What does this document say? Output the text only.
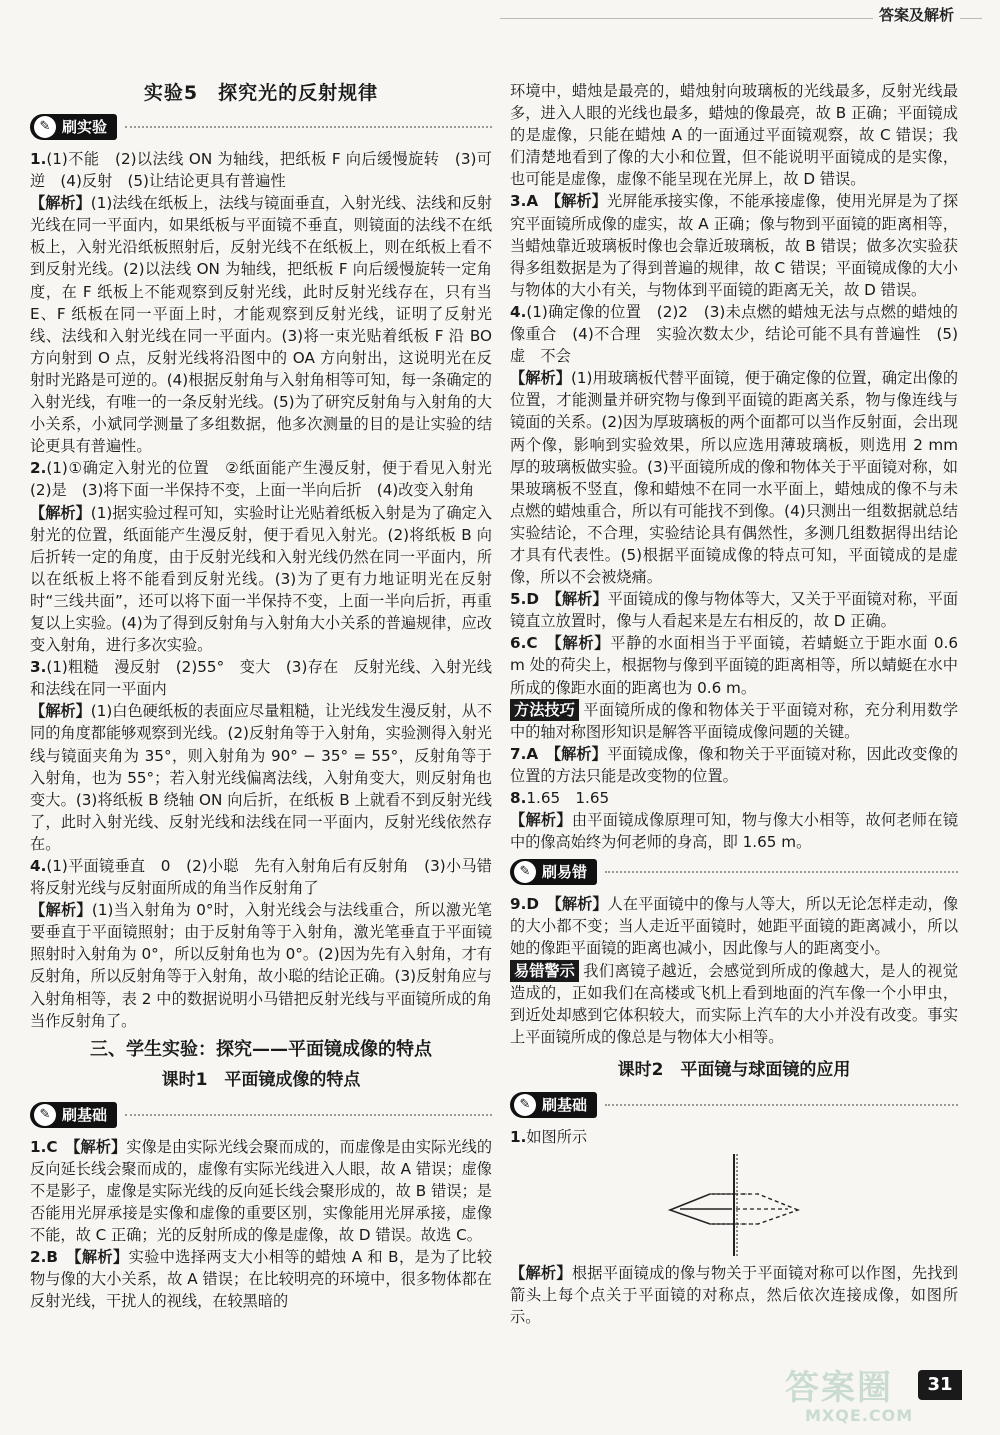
答案及解析
实验5　探究光的反射规律
✎ 刷实验

1.(1)不能　(2)以法线 ON 为轴线，把纸板 F 向后缓慢旋转　(3)可逆　(4)反射　(5)让结论更具有普遍性

【解析】(1)法线在纸板上，法线与镜面垂直，入射光线、法线和反射光线在同一平面内，如果纸板与平面镜不垂直，则镜面的法线不在纸板上，入射光沿纸板照射后，反射光线不在纸板上，则在纸板上看不到反射光线。(2)以法线 ON 为轴线，把纸板 F 向后缓慢旋转一定角度，在 F 纸板上不能观察到反射光线，此时反射光线存在，只有当 E、F 纸板在同一平面上时，才能观察到反射光线，证明了反射光线、法线和入射光线在同一平面内。(3)将一束光贴着纸板 F 沿 BO 方向射到 O 点，反射光线将沿图中的 OA 方向射出，这说明光在反射时光路是可逆的。(4)根据反射角与入射角相等可知，每一条确定的入射光线，有唯一的一条反射光线。(5)为了研究反射角与入射角的大小关系，小斌同学测量了多组数据，他多次测量的目的是让实验的结论更具有普遍性。

2.(1)①确定入射光的位置　②纸面能产生漫反射，便于看见入射光　(2)是　(3)将下面一半保持不变，上面一半向后折　(4)改变入射角

【解析】(1)据实验过程可知，实验时让光贴着纸板入射是为了确定入射光的位置，纸面能产生漫反射，便于看见入射光。(2)将纸板 B 向后折转一定的角度，由于反射光线和入射光线仍然在同一平面内，所以在纸板上将不能看到反射光线。(3)为了更有力地证明光在反射时“三线共面”，还可以将下面一半保持不变，上面一半向后折，再重复以上实验。(4)为了得到反射角与入射角大小关系的普遍规律，应改变入射角，进行多次实验。

3.(1)粗糙　漫反射　(2)55°　变大　(3)存在　反射光线、入射光线和法线在同一平面内

【解析】(1)白色硬纸板的表面应尽量粗糙，让光线发生漫反射，从不同的角度都能够观察到光线。(2)反射角等于入射角，实验测得入射光线与镜面夹角为 35°，则入射角为 90° − 35° = 55°，反射角等于入射角，也为 55°；若入射光线偏离法线，入射角变大，则反射角也变大。(3)将纸板 B 绕轴 ON 向后折，在纸板 B 上就看不到反射光线了，此时入射光线、反射光线和法线在同一平面内，反射光线依然存在。

4.(1)平面镜垂直　0　(2)小聪　先有入射角后有反射角　(3)小马错将反射光线与反射面所成的角当作反射角了

【解析】(1)当入射角为 0°时，入射光线会与法线重合，所以激光笔要垂直于平面镜照射；由于反射角等于入射角，激光笔垂直于平面镜照射时入射角为 0°，所以反射角也为 0°。(2)因为先有入射角，才有反射角，所以反射角等于入射角，故小聪的结论正确。(3)反射角应与入射角相等，表 2 中的数据说明小马错把反射光线与平面镜所成的角当作反射角了。

三、学生实验：探究——平面镜成像的特点
课时1　平面镜成像的特点
✎ 刷基础

1.C　 【解析】实像是由实际光线会聚而成的，而虚像是由实际光线的反向延长线会聚而成的，虚像有实际光线进入人眼，故 A 错误；虚像不是影子，虚像是实际光线的反向延长线会聚形成的，故 B 错误；是否能用光屏承接是实像和虚像的重要区别，实像能用光屏承接，虚像不能，故 C 正确；光的反射所成的像是虚像，故 D 错误。故选 C。

2.B　 【解析】实验中选择两支大小相等的蜡烛 A 和 B，是为了比较物与像的大小关系，故 A 错误；在比较明亮的环境中，很多物体都在反射光线，干扰人的视线，在较黑暗的

环境中，蜡烛是最亮的，蜡烛射向玻璃板的光线最多，反射光线最多，进入人眼的光线也最多，蜡烛的像最亮，故 B 正确；平面镜成的是虚像，只能在蜡烛 A 的一面通过平面镜观察，故 C 错误；我们清楚地看到了像的大小和位置，但不能说明平面镜成的是实像，也可能是虚像，虚像不能呈现在光屏上，故 D 错误。

3.A　 【解析】光屏能承接实像，不能承接虚像，使用光屏是为了探究平面镜所成像的虚实，故 A 正确；像与物到平面镜的距离相等，当蜡烛靠近玻璃板时像也会靠近玻璃板，故 B 错误；做多次实验获得多组数据是为了得到普遍的规律，故 C 错误；平面镜成像的大小与物体的大小有关，与物体到平面镜的距离无关，故 D 错误。

4.(1)确定像的位置　(2)2　(3)未点燃的蜡烛无法与点燃的蜡烛的像重合　(4)不合理　实验次数太少，结论可能不具有普遍性　(5)虚　不会

【解析】(1)用玻璃板代替平面镜，便于确定像的位置，确定出像的位置，才能测量并研究物与像到平面镜的距离关系，物与像连线与镜面的关系。(2)因为厚玻璃板的两个面都可以当作反射面，会出现两个像，影响到实验效果，所以应选用薄玻璃板，则选用 2 mm 厚的玻璃板做实验。(3)平面镜所成的像和物体关于平面镜对称，如果玻璃板不竖直，像和蜡烛不在同一水平面上，蜡烛成的像不与未点燃的蜡烛重合，所以有可能找不到像。(4)只测出一组数据就总结实验结论，不合理，实验结论具有偶然性，多测几组数据得出结论才具有代表性。(5)根据平面镜成像的特点可知，平面镜成的是虚像，所以不会被烧痛。

5.D　 【解析】平面镜成的像与物体等大，又关于平面镜对称，平面镜直立放置时，像与人看起来是左右相反的，故 D 正确。

6.C　 【解析】平静的水面相当于平面镜，若蜻蜓立于距水面 0.6 m 处的荷尖上，根据物与像到平面镜的距离相等，所以蜻蜓在水中所成的像距水面的距离也为 0.6 m。

方法技巧 平面镜所成的像和物体关于平面镜对称，充分利用数学中的轴对称图形知识是解答平面镜成像问题的关键。

7.A　 【解析】平面镜成像，像和物关于平面镜对称，因此改变像的位置的方法只能是改变物的位置。

8.1.65　1.65

【解析】由平面镜成像原理可知，物与像大小相等，故何老师在镜中的像高始终为何老师的身高，即 1.65 m。

✎ 刷易错

9.D　 【解析】人在平面镜中的像与人等大，所以无论怎样走动，像的大小都不变；当人走近平面镜时，她距平面镜的距离减小，所以她的像距平面镜的距离也减小，因此像与人的距离变小。

易错警示 我们离镜子越近，会感觉到所成的像越大，是人的视觉造成的，正如我们在高楼或飞机上看到地面的汽车像一个小甲虫，到近处却感到它体积较大，而实际上汽车的大小并没有改变。事实上平面镜所成的像总是与物体大小相等。

课时2　平面镜与球面镜的应用
✎ 刷基础

1.如图所示

【解析】根据平面镜成的像与物关于平面镜对称可以作图，先找到箭头上每个点关于平面镜的对称点，然后依次连接成像，如图所示。

答案圈
MXQE.COM
31
